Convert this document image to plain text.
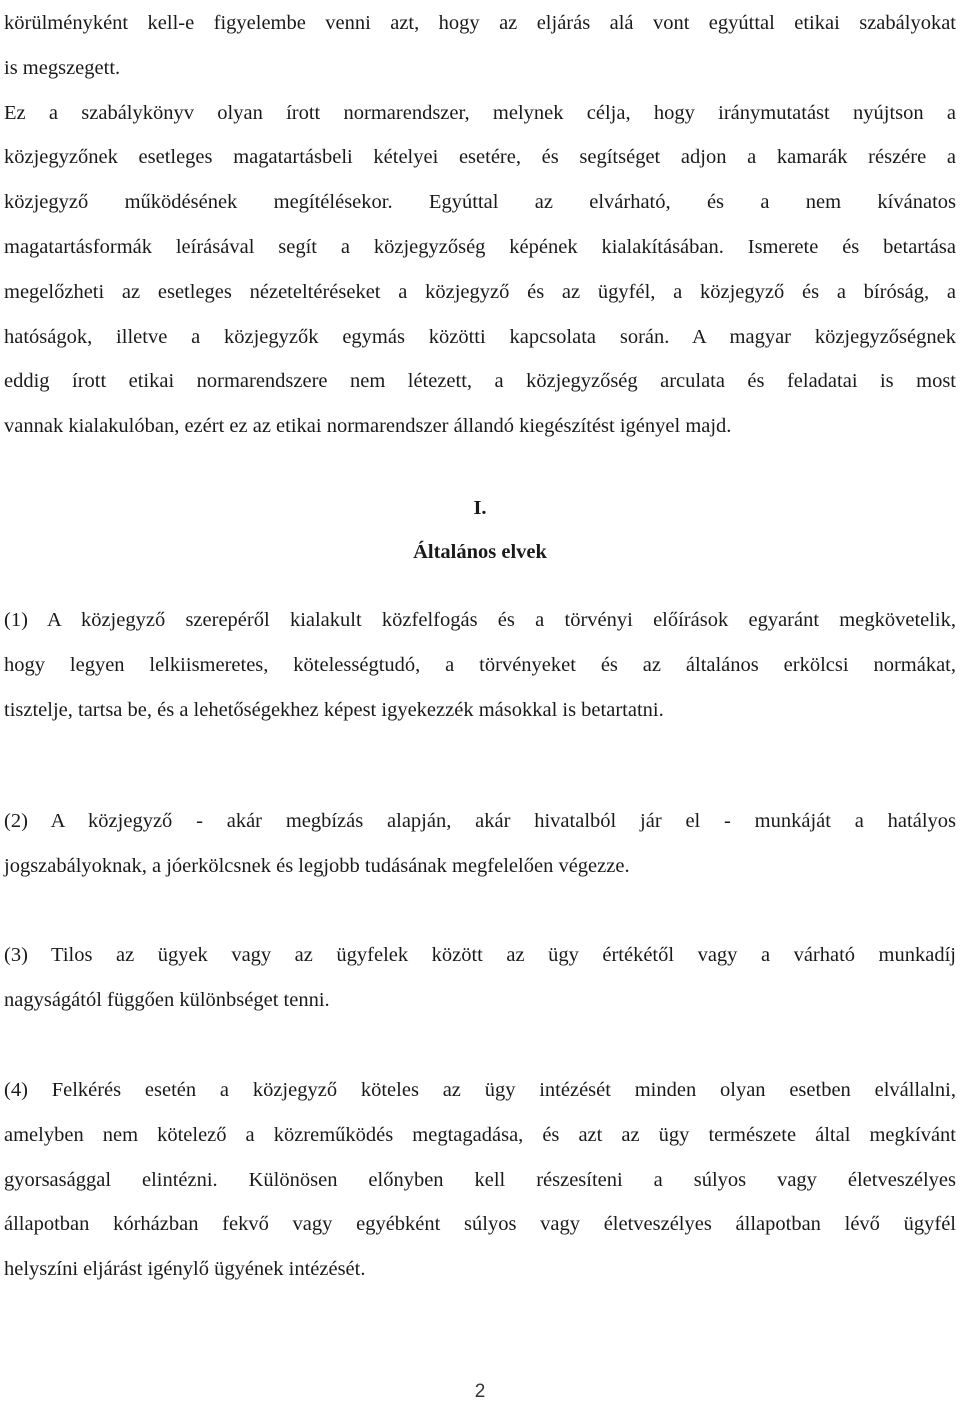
körülményként kell-e figyelembe venni azt, hogy az eljárás alá vont egyúttal etikai szabályokat
is megszegett.
Ez a szabálykönyv olyan írott normarendszer, melynek célja, hogy iránymutatást nyújtson a
közjegyzőnek esetleges magatartásbeli kételyei esetére, és segítséget adjon a kamarák részére a
közjegyző működésének megítélésekor. Egyúttal az elvárható, és a nem kívánatos
magatartásformák leírásával segít a közjegyzőség képének kialakításában. Ismerete és betartása
megelőzheti az esetleges nézeteltéréseket a közjegyző és az ügyfél, a közjegyző és a bíróság, a
hatóságok, illetve a közjegyzők egymás közötti kapcsolata során. A magyar közjegyzőségnek
eddig írott etikai normarendszere nem létezett, a közjegyzőség arculata és feladatai is most
vannak kialakulóban, ezért ez az etikai normarendszer állandó kiegészítést igényel majd.

I.

Általános elvek

(1) A közjegyző szerepéről kialakult közfelfogás és a törvényi előírások egyaránt megkövetelik,
hogy legyen lelkiismeretes, kötelességtudó, a törvényeket és az általános erkölcsi normákat,
tisztelje, tartsa be, és a lehetőségekhez képest igyekezzék másokkal is betartatni.
(2) A közjegyző - akár megbízás alapján, akár hivatalból jár el - munkáját a hatályos
jogszabályoknak, a jóerkölcsnek és legjobb tudásának megfelelően végezze.
(3) Tilos az ügyek vagy az ügyfelek között az ügy értékétől vagy a várható munkadíj
nagyságától függően különbséget tenni.
(4) Felkérés esetén a közjegyző köteles az ügy intézését minden olyan esetben elvállalni,
amelyben nem kötelező a közreműködés megtagadása, és azt az ügy természete által megkívánt
gyorsasággal elintézni. Különösen előnyben kell részesíteni a súlyos vagy életveszélyes
állapotban kórházban fekvő vagy egyébként súlyos vagy életveszélyes állapotban lévő ügyfél
helyszíni eljárást igénylő ügyének intézését.

2
